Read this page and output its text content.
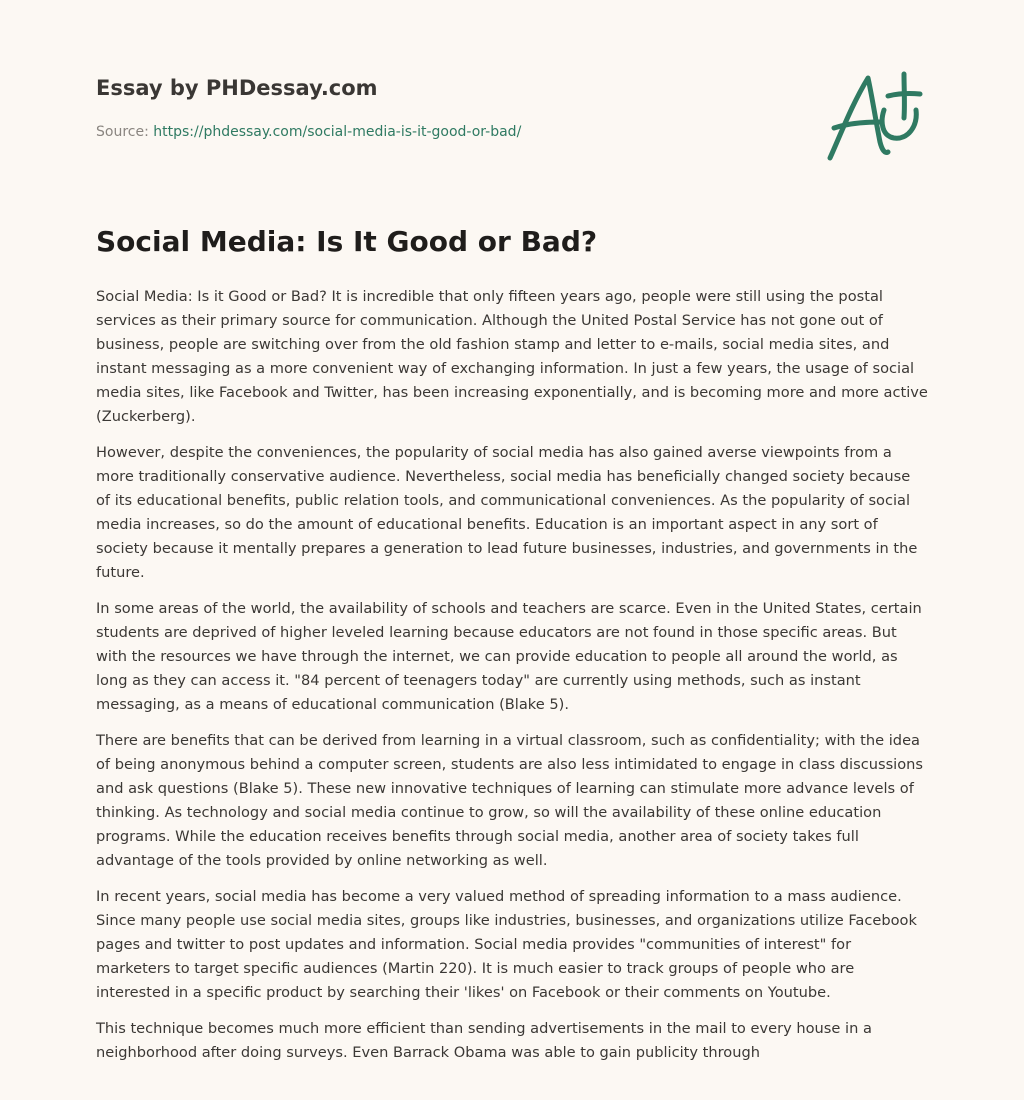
Essay by PHDessay.com
Source: https://phdessay.com/social-media-is-it-good-or-bad/
Social Media: Is It Good or Bad?

Social Media: Is it Good or Bad? It is incredible that only fifteen years ago, people were still using the postal services as their primary source for communication. Although the United Postal Service has not gone out of business, people are switching over from the old fashion stamp and letter to e-mails, social media sites, and instant messaging as a more convenient way of exchanging information. In just a few years, the usage of social media sites, like Facebook and Twitter, has been increasing exponentially, and is becoming more and more active (Zuckerberg).

However, despite the conveniences, the popularity of social media has also gained averse viewpoints from a more traditionally conservative audience. Nevertheless, social media has beneficially changed society because of its educational benefits, public relation tools, and communicational conveniences. As the popularity of social media increases, so do the amount of educational benefits. Education is an important aspect in any sort of society because it mentally prepares a generation to lead future businesses, industries, and governments in the future.

In some areas of the world, the availability of schools and teachers are scarce. Even in the United States, certain students are deprived of higher leveled learning because educators are not found in those specific areas. But with the resources we have through the internet, we can provide education to people all around the world, as long as they can access it. "84 percent of teenagers today" are currently using methods, such as instant messaging, as a means of educational communication (Blake 5).

There are benefits that can be derived from learning in a virtual classroom, such as confidentiality; with the idea of being anonymous behind a computer screen, students are also less intimidated to engage in class discussions and ask questions (Blake 5). These new innovative techniques of learning can stimulate more advance levels of thinking. As technology and social media continue to grow, so will the availability of these online education programs. While the education receives benefits through social media, another area of society takes full advantage of the tools provided by online networking as well.

In recent years, social media has become a very valued method of spreading information to a mass audience. Since many people use social media sites, groups like industries, businesses, and organizations utilize Facebook pages and twitter to post updates and information. Social media provides "communities of interest" for marketers to target specific audiences (Martin 220). It is much easier to track groups of people who are interested in a specific product by searching their 'likes' on Facebook or their comments on Youtube.

This technique becomes much more efficient than sending advertisements in the mail to every house in a neighborhood after doing surveys. Even Barrack Obama was able to gain publicity through
